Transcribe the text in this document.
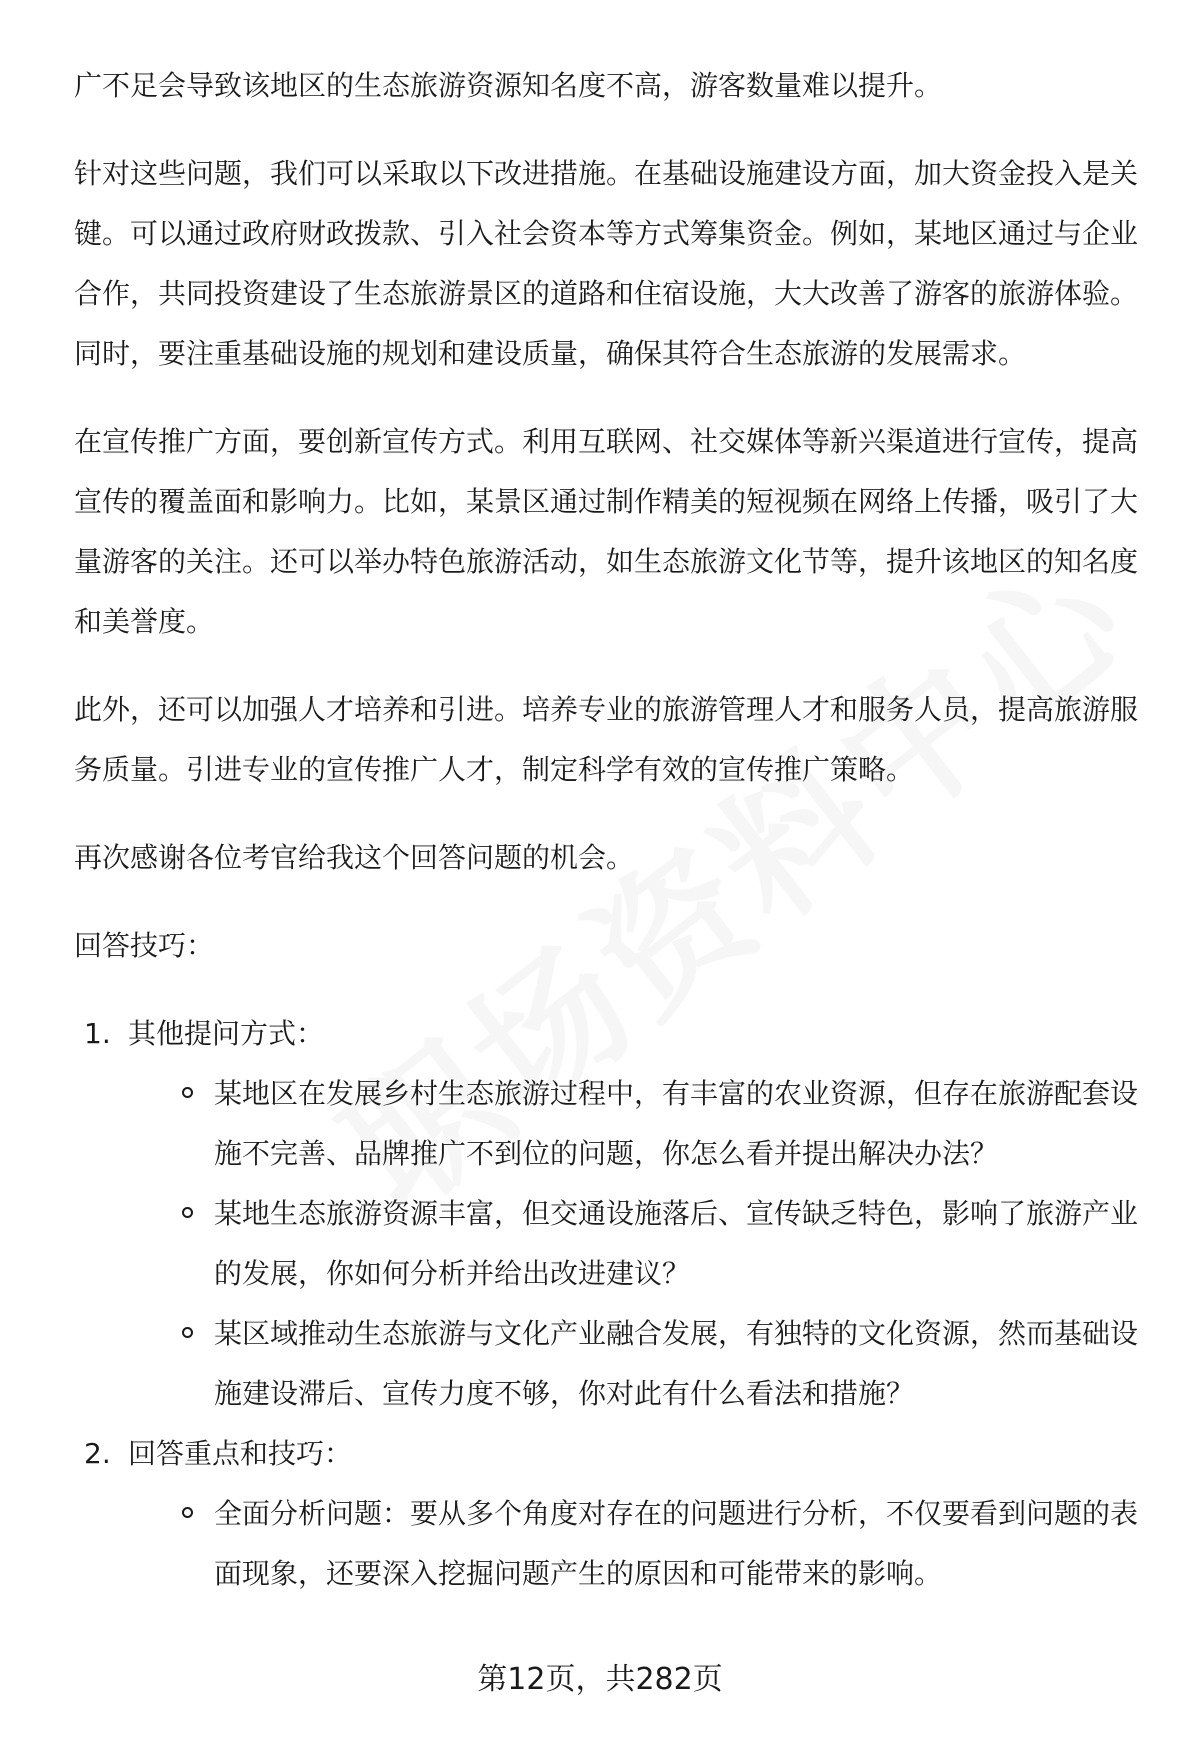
广不足会导致该地区的生态旅游资源知名度不高，游客数量难以提升。

针对这些问题，我们可以采取以下改进措施。在基础设施建设方面，加大资金投入是关键。可以通过政府财政拨款、引入社会资本等方式筹集资金。例如，某地区通过与企业合作，共同投资建设了生态旅游景区的道路和住宿设施，大大改善了游客的旅游体验。同时，要注重基础设施的规划和建设质量，确保其符合生态旅游的发展需求。

在宣传推广方面，要创新宣传方式。利用互联网、社交媒体等新兴渠道进行宣传，提高宣传的覆盖面和影响力。比如，某景区通过制作精美的短视频在网络上传播，吸引了大量游客的关注。还可以举办特色旅游活动，如生态旅游文化节等，提升该地区的知名度和美誉度。

此外，还可以加强人才培养和引进。培养专业的旅游管理人才和服务人员，提高旅游服务质量。引进专业的宣传推广人才，制定科学有效的宣传推广策略。

再次感谢各位考官给我这个回答问题的机会。

回答技巧：

1. 其他提问方式：
某地区在发展乡村生态旅游过程中，有丰富的农业资源，但存在旅游配套设施不完善、品牌推广不到位的问题，你怎么看并提出解决办法？
某地生态旅游资源丰富，但交通设施落后、宣传缺乏特色，影响了旅游产业的发展，你如何分析并给出改进建议？
某区域推动生态旅游与文化产业融合发展，有独特的文化资源，然而基础设施建设滞后、宣传力度不够，你对此有什么看法和措施？
2. 回答重点和技巧：
全面分析问题：要从多个角度对存在的问题进行分析，不仅要看到问题的表面现象，还要深入挖掘问题产生的原因和可能带来的影响。
第12页，共282页
